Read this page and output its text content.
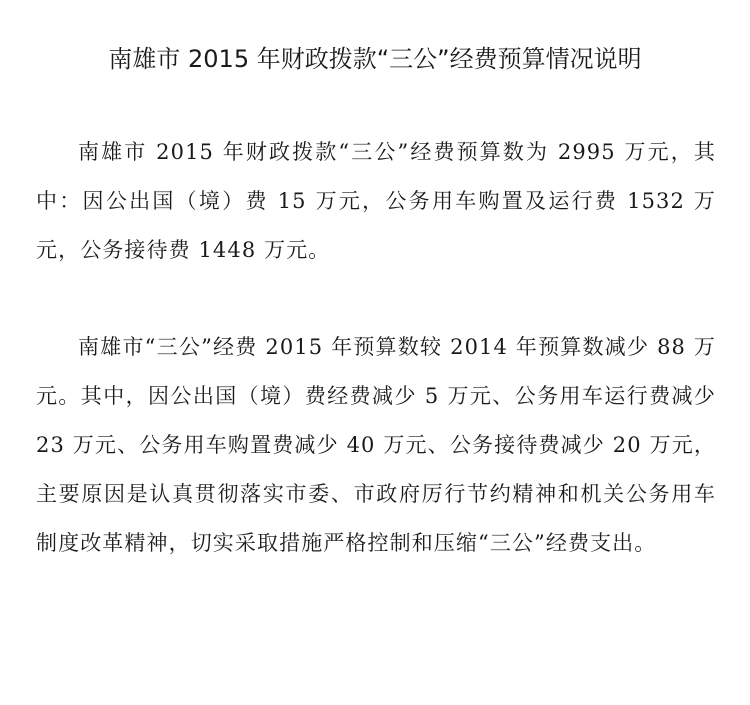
南雄市 2015 年财政拨款“三公”经费预算情况说明

南雄市 2015 年财政拨款“三公”经费预算数为 2995 万元，其中：因公出国（境）费 15 万元，公务用车购置及运行费 1532 万元，公务接待费 1448 万元。

南雄市“三公”经费 2015 年预算数较 2014 年预算数减少 88 万元。其中，因公出国（境）费经费减少 5 万元、公务用车运行费减少 23 万元、公务用车购置费减少 40 万元、公务接待费减少 20 万元，主要原因是认真贯彻落实市委、市政府厉行节约精神和机关公务用车制度改革精神，切实采取措施严格控制和压缩“三公”经费支出。
